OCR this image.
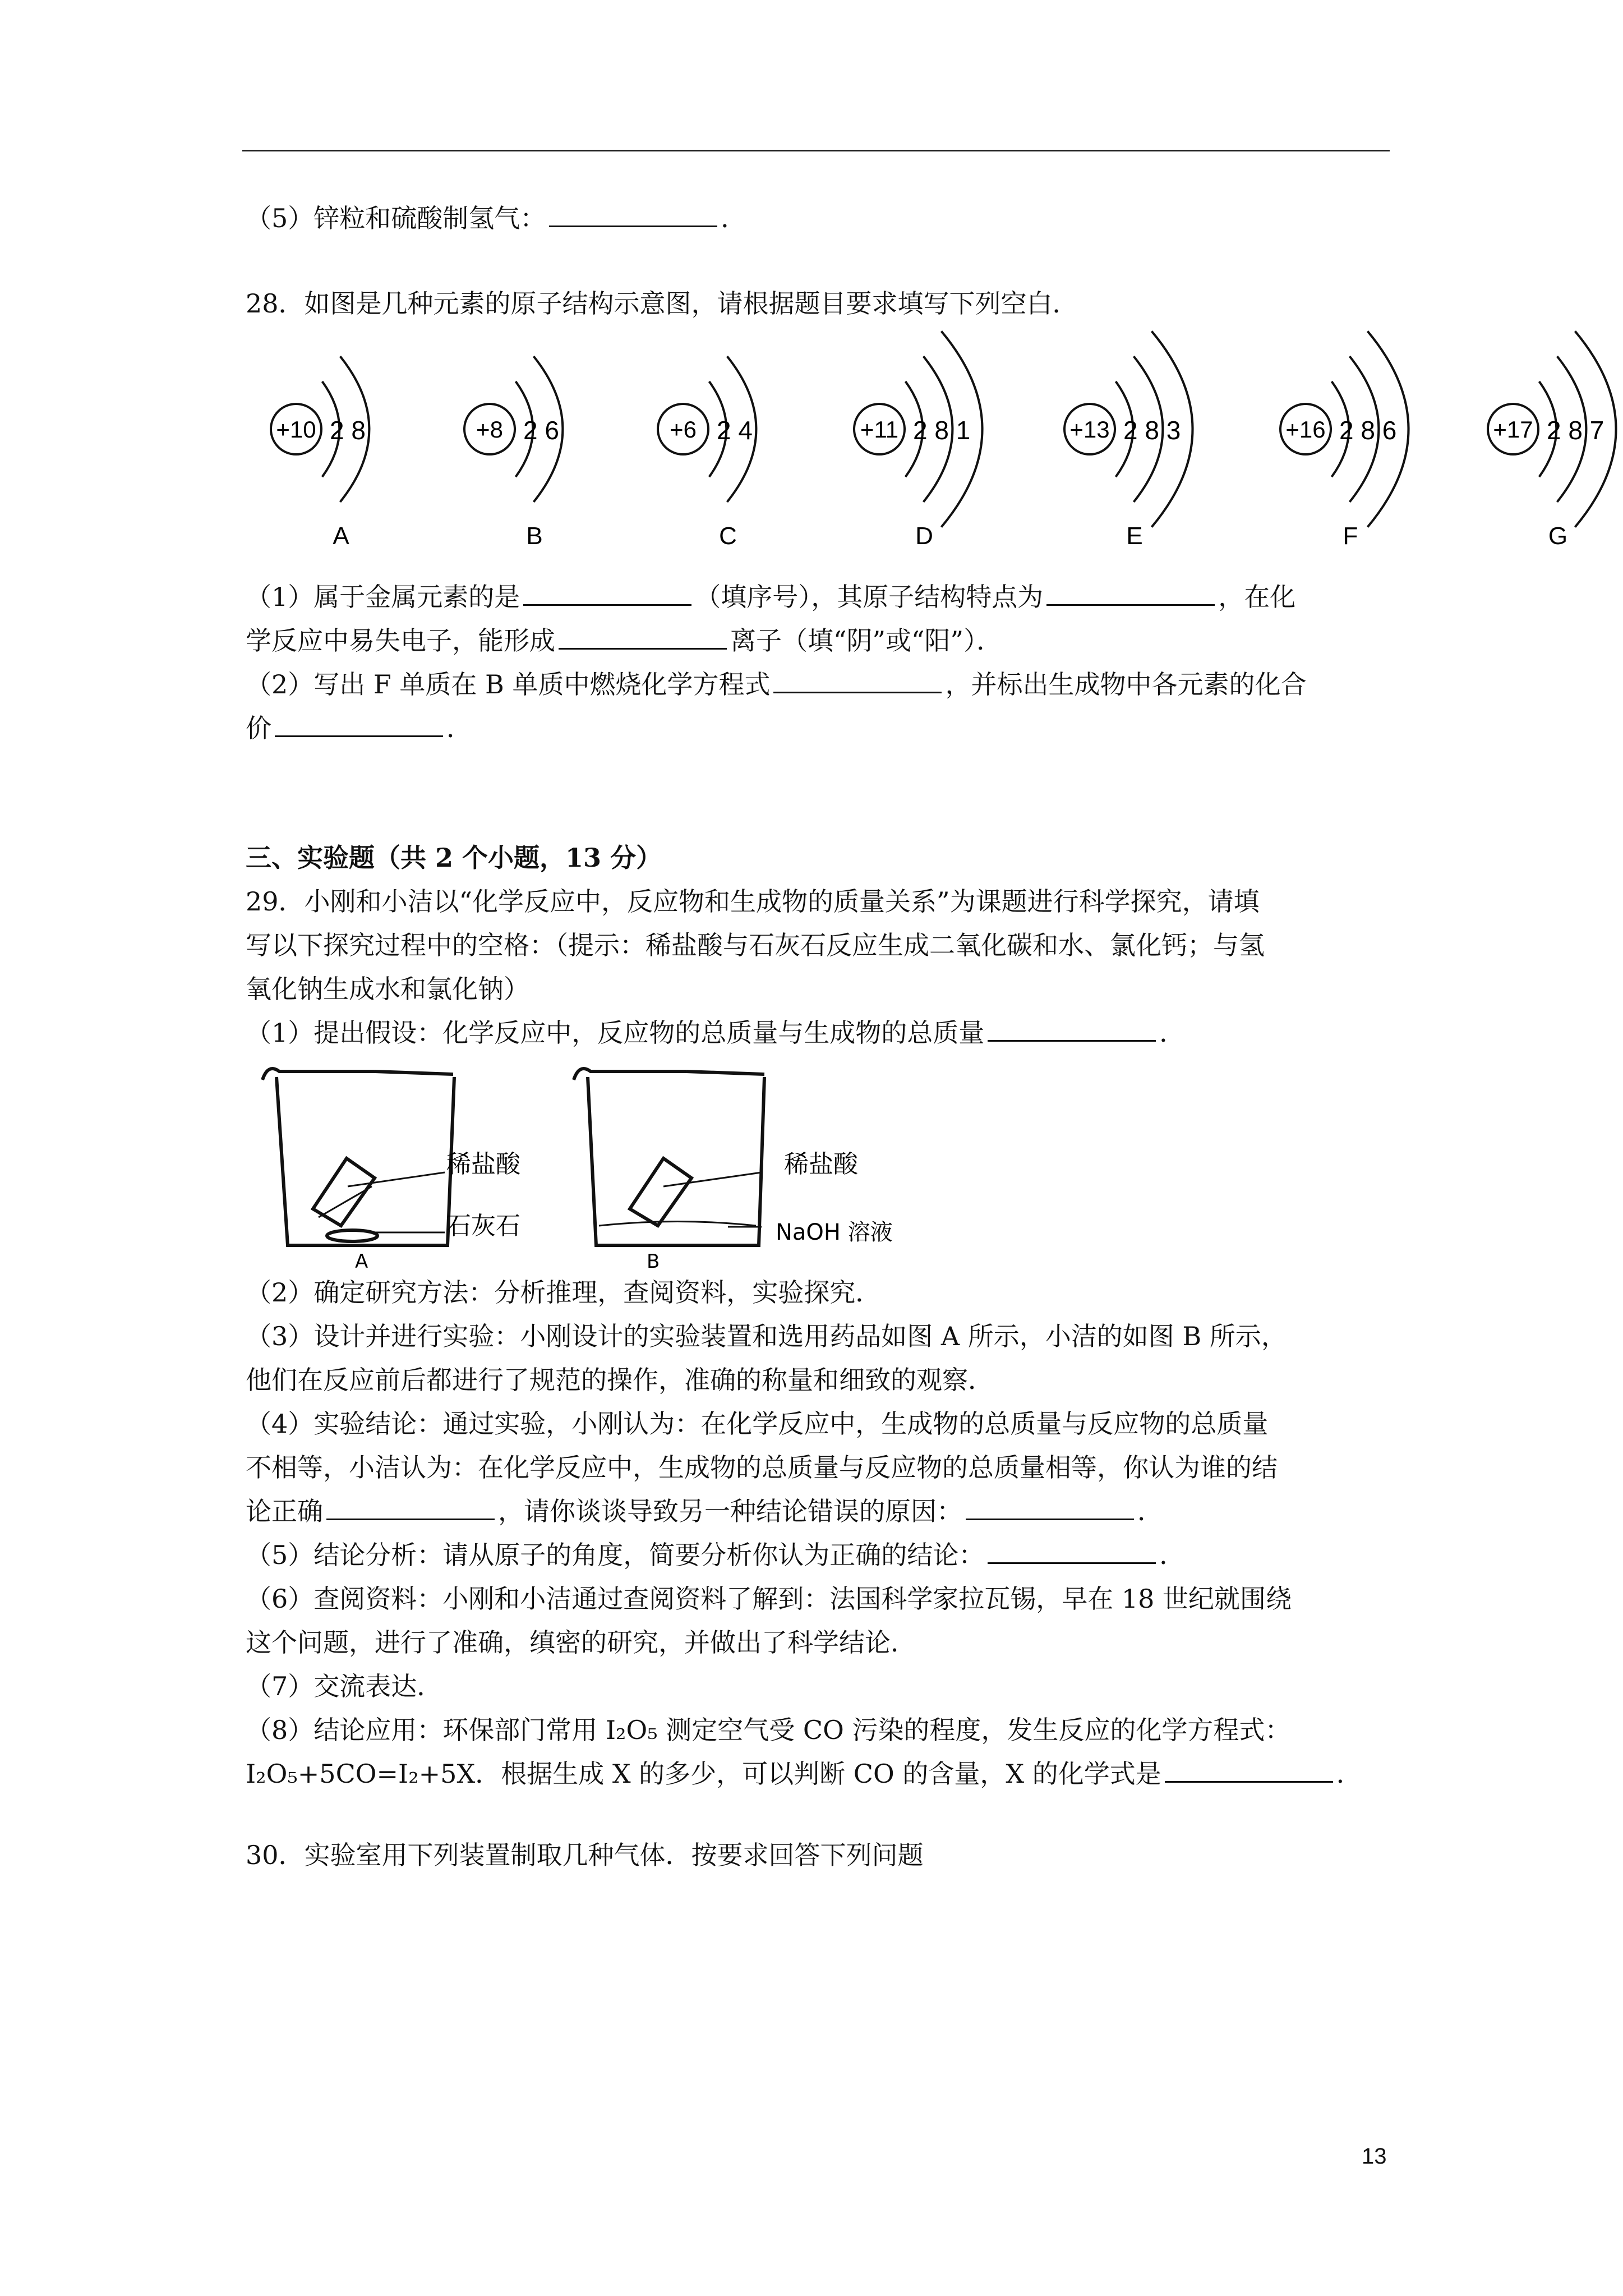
（5）锌粒和硫酸制氢气：	．
28．如图是几种元素的原子结构示意图，请根据题目要求填写下列空白．
+10 2 8
A
+8 2 6
B
+6 2 4
C
+11 2 8 1
D
+13 2 8 3
E
+16 2 8 6
F
+17 2 8 7
G
（1）属于金属元素的是	（填序号），其原子结构特点为	，在化
学反应中易失电子，能形成	离子（填“阴”或“阳”）．
（2）写出 F 单质在 B 单质中燃烧化学方程式	，并标出生成物中各元素的化合
价	．
三、实验题（共 2 个小题，13 分）
29．小刚和小洁以“化学反应中，反应物和生成物的质量关系”为课题进行科学探究，请填
写以下探究过程中的空格：（提示：稀盐酸与石灰石反应生成二氧化碳和水、氯化钙；与氢
氧化钠生成水和氯化钠）
（1）提出假设：化学反应中，反应物的总质量与生成物的总质量	．
稀盐酸
石灰石
A
稀盐酸
NaOH 溶液
B
（2）确定研究方法：分析推理，查阅资料，实验探究．
（3）设计并进行实验：小刚设计的实验装置和选用药品如图 A 所示，小洁的如图 B 所示，
他们在反应前后都进行了规范的操作，准确的称量和细致的观察．
（4）实验结论：通过实验，小刚认为：在化学反应中，生成物的总质量与反应物的总质量
不相等，小洁认为：在化学反应中，生成物的总质量与反应物的总质量相等，你认为谁的结
论正确	，请你谈谈导致另一种结论错误的原因：	．
（5）结论分析：请从原子的角度，简要分析你认为正确的结论：	．
（6）查阅资料：小刚和小洁通过查阅资料了解到：法国科学家拉瓦锡，早在 18 世纪就围绕
这个问题，进行了准确，缜密的研究，并做出了科学结论．
（7）交流表达．
（8）结论应用：环保部门常用 I₂O₅ 测定空气受 CO 污染的程度，发生反应的化学方程式：
I₂O₅+5CO=I₂+5X．根据生成 X 的多少，可以判断 CO 的含量，X 的化学式是	．
30．实验室用下列装置制取几种气体．按要求回答下列问题
13
